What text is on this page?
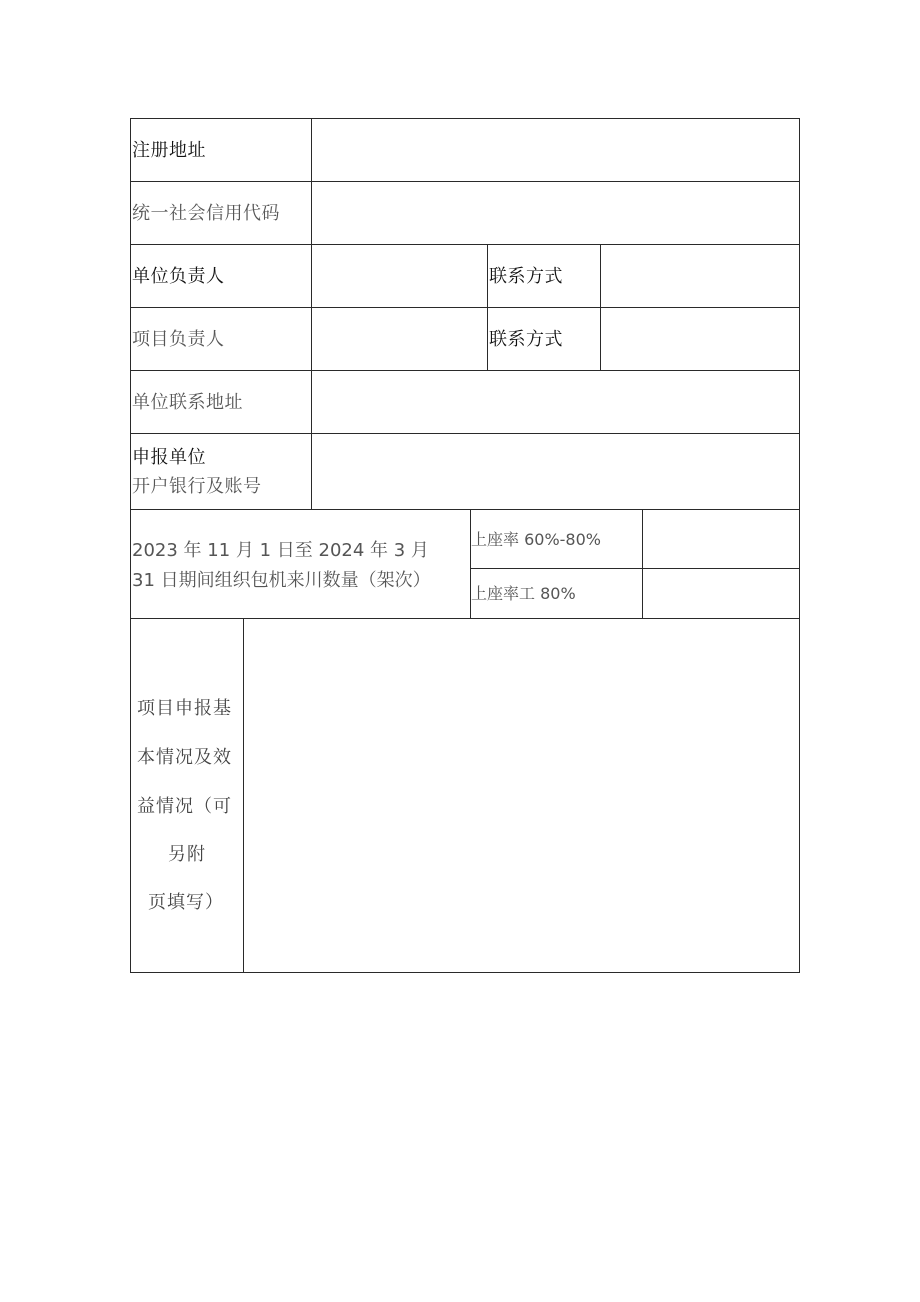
注册地址
统一社会信用代码
单位负责人	联系方式
项目负责人	联系方式
单位联系地址
申报单位
开户银行及账号
2023 年 11 月 1 日至 2024 年 3 月
31 日期间组织包机来川数量（架次）
上座率 60%-80%
上座率工 80%
项目申报基
本情况及效
益情况（可
另附
页填写）
